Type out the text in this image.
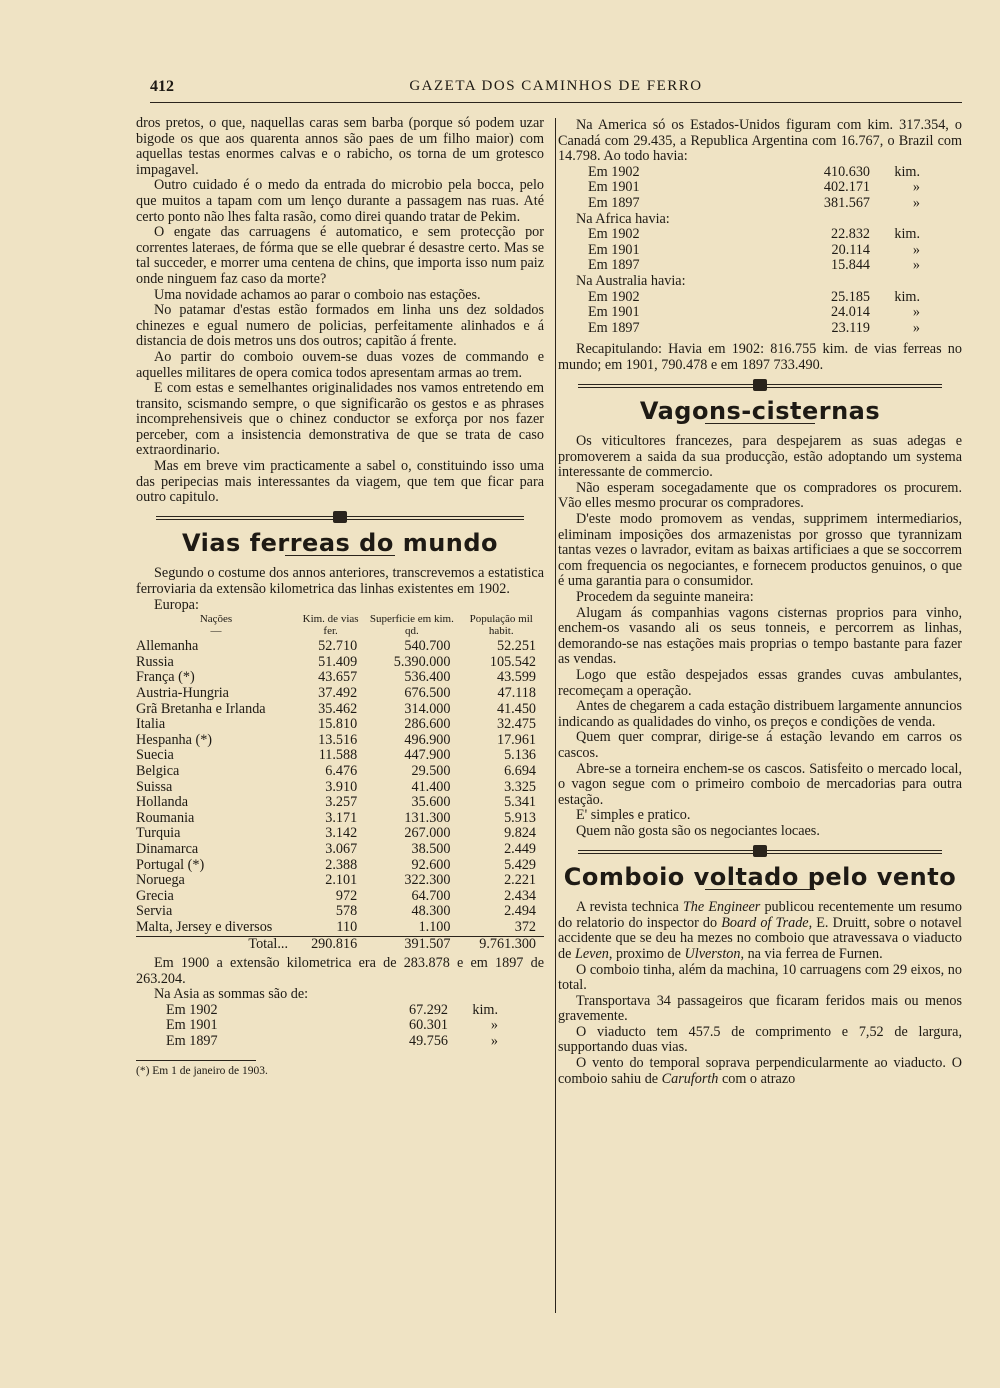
412	GAZETA DOS CAMINHOS DE FERRO

dros pretos, o que, naquellas caras sem barba (porque só podem uzar bigode os que aos quarenta annos são paes de um filho maior) com aquellas testas enormes calvas e o rabicho, os torna de um grotesco impagavel.

Outro cuidado é o medo da entrada do microbio pela bocca, pelo que muitos a tapam com um lenço durante a passagem nas ruas. Até certo ponto não lhes falta rasão, como direi quando tratar de Pekim.

O engate das carruagens é automatico, e sem protecção por correntes lateraes, de fórma que se elle quebrar é desastre certo. Mas se tal succeder, e morrer uma centena de chins, que importa isso num paiz onde ninguem faz caso da morte?

Uma novidade achamos ao parar o comboio nas estações.

No patamar d'estas estão formados em linha uns dez soldados chinezes e egual numero de policias, perfeitamente alinhados e á distancia de dois metros uns dos outros; capitão á frente.

Ao partir do comboio ouvem-se duas vozes de commando e aquelles militares de opera comica todos apresentam armas ao trem.

E com estas e semelhantes originalidades nos vamos entretendo em transito, scismando sempre, o que significarão os gestos e as phrases incomprehensiveis que o chinez conductor se exforça por nos fazer perceber, com a insistencia demonstrativa de que se trata de caso extraordinario.

Mas em breve vim practicamente a sabel o, constituindo isso uma das peripecias mais interessantes da viagem, que tem que ficar para outro capitulo.

Vias ferreas do mundo

Segundo o costume dos annos anteriores, transcrevemos a estatistica ferroviaria da extensão kilometrica das linhas existentes em 1902.

Europa:

Nações
—	Kim. de vias fer.	Superficie em kim. qd.	População mil habit.
Allemanha	52.710	540.700	52.251
Russia	51.409	5.390.000	105.542
França (*)	43.657	536.400	43.599
Austria-Hungria	37.492	676.500	47.118
Grã Bretanha e Irlanda	35.462	314.000	41.450
Italia	15.810	286.600	32.475
Hespanha (*)	13.516	496.900	17.961
Suecia	11.588	447.900	5.136
Belgica	6.476	29.500	6.694
Suissa	3.910	41.400	3.325
Hollanda	3.257	35.600	5.341
Roumania	3.171	131.300	5.913
Turquia	3.142	267.000	9.824
Dinamarca	3.067	38.500	2.449
Portugal (*)	2.388	92.600	5.429
Noruega	2.101	322.300	2.221
Grecia	972	64.700	2.434
Servia	578	48.300	2.494
Malta, Jersey e diversos	110	1.100	372
Total...	290.816	391.507	9.761.300

Em 1900 a extensão kilometrica era de 283.878 e em 1897 de 263.204.

Na Asia as sommas são de:

Em 1902	67.292	kim.
Em 1901	60.301	»
Em 1897	49.756	»
(*) Em 1 de janeiro de 1903.

Na America só os Estados-Unidos figuram com kim. 317.354, o Canadá com 29.435, a Republica Argentina com 16.767, o Brazil com 14.798. Ao todo havia:

Em 1902	410.630	kim.
Em 1901	402.171	»
Em 1897	381.567	»

Na Africa havia:

Em 1902	22.832	kim.
Em 1901	20.114	»
Em 1897	15.844	»

Na Australia havia:

Em 1902	25.185	kim.
Em 1901	24.014	»
Em 1897	23.119	»

Recapitulando: Havia em 1902: 816.755 kim. de vias ferreas no mundo; em 1901, 790.478 e em 1897 733.490.

Vagons-cisternas

Os viticultores francezes, para despejarem as suas adegas e promoverem a saida da sua producção, estão adoptando um systema interessante de commercio.

Não esperam socegadamente que os compradores os procurem. Vão elles mesmo procurar os compradores.

D'este modo promovem as vendas, supprimem intermediarios, eliminam imposições dos armazenistas por grosso que tyrannizam tantas vezes o lavrador, evitam as baixas artificiaes a que se soccorrem com frequencia os negociantes, e fornecem productos genuinos, o que é uma garantia para o consumidor.

Procedem da seguinte maneira:

Alugam ás companhias vagons cisternas proprios para vinho, enchem-os vasando ali os seus tonneis, e percorrem as linhas, demorando-se nas estações mais proprias o tempo bastante para fazer as vendas.

Logo que estão despejados essas grandes cuvas ambulantes, recomeçam a operação.

Antes de chegarem a cada estação distribuem largamente annuncios indicando as qualidades do vinho, os preços e condições de venda.

Quem quer comprar, dirige-se á estação levando em carros os cascos.

Abre-se a torneira enchem-se os cascos. Satisfeito o mercado local, o vagon segue com o primeiro comboio de mercadorias para outra estação.

E' simples e pratico.

Quem não gosta são os negociantes locaes.

Comboio voltado pelo vento

A revista technica The Engineer publicou recentemente um resumo do relatorio do inspector do Board of Trade, E. Druitt, sobre o notavel accidente que se deu ha mezes no comboio que atravessava o viaducto de Leven, proximo de Ulverston, na via ferrea de Furnen.

O comboio tinha, além da machina, 10 carruagens com 29 eixos, no total.

Transportava 34 passageiros que ficaram feridos mais ou menos gravemente.

O viaducto tem 457.5 de comprimento e 7,52 de largura, supportando duas vias.

O vento do temporal soprava perpendicularmente ao viaducto. O comboio sahiu de Caruforth com o atrazo
